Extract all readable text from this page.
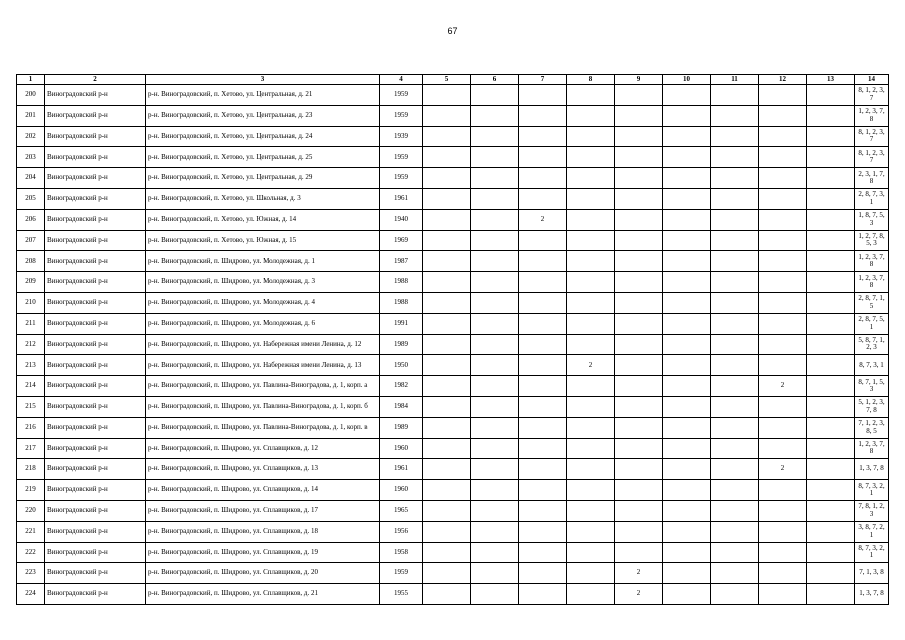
67
1	2	3	4	5	6	7	8	9	10	11	12	13	14
200	Виноградовский р-н	р-н. Виноградовский, п. Хетово, ул. Центральная, д. 21	1959										8, 1, 2, 3, 7
201	Виноградовский р-н	р-н. Виноградовский, п. Хетово, ул. Центральная, д. 23	1959										1, 2, 3, 7, 8
202	Виноградовский р-н	р-н. Виноградовский, п. Хетово, ул. Центральная, д. 24	1939										8, 1, 2, 3, 7
203	Виноградовский р-н	р-н. Виноградовский, п. Хетово, ул. Центральная, д. 25	1959										8, 1, 2, 3, 7
204	Виноградовский р-н	р-н. Виноградовский, п. Хетово, ул. Центральная, д. 29	1959										2, 3, 1, 7, 8
205	Виноградовский р-н	р-н. Виноградовский, п. Хетово, ул. Школьная, д. 3	1961										2, 8, 7, 3, 1
206	Виноградовский р-н	р-н. Виноградовский, п. Хетово, ул. Южная, д. 14	1940			2							1, 8, 7, 5, 3
207	Виноградовский р-н	р-н. Виноградовский, п. Хетово, ул. Южная, д. 15	1969										1, 2, 7, 8, 5, 3
208	Виноградовский р-н	р-н. Виноградовский, п. Шидрово, ул. Молодежная, д. 1	1987										1, 2, 3, 7, 8
209	Виноградовский р-н	р-н. Виноградовский, п. Шидрово, ул. Молодежная, д. 3	1988										1, 2, 3, 7, 8
210	Виноградовский р-н	р-н. Виноградовский, п. Шидрово, ул. Молодежная, д. 4	1988										2, 8, 7, 1, 5
211	Виноградовский р-н	р-н. Виноградовский, п. Шидрово, ул. Молодежная, д. 6	1991										2, 8, 7, 5, 1
212	Виноградовский р-н	р-н. Виноградовский, п. Шидрово, ул. Набережная имени Ленина, д. 12	1989										5, 8, 7, 1, 2, 3
213	Виноградовский р-н	р-н. Виноградовский, п. Шидрово, ул. Набережная имени Ленина, д. 13	1950				2						8, 7, 3, 1
214	Виноградовский р-н	р-н. Виноградовский, п. Шидрово, ул. Павлина-Виноградова, д. 1, корп. а	1982								2		8, 7, 1, 5, 3
215	Виноградовский р-н	р-н. Виноградовский, п. Шидрово, ул. Павлина-Виноградова, д. 1, корп. б	1984										5, 1, 2, 3, 7, 8
216	Виноградовский р-н	р-н. Виноградовский, п. Шидрово, ул. Павлина-Виноградова, д. 1, корп. в	1989										7, 1, 2, 3, 8, 5
217	Виноградовский р-н	р-н. Виноградовский, п. Шидрово, ул. Сплавщиков, д. 12	1960										1, 2, 3, 7, 8
218	Виноградовский р-н	р-н. Виноградовский, п. Шидрово, ул. Сплавщиков, д. 13	1961								2		1, 3, 7, 8
219	Виноградовский р-н	р-н. Виноградовский, п. Шидрово, ул. Сплавщиков, д. 14	1960										8, 7, 3, 2, 1
220	Виноградовский р-н	р-н. Виноградовский, п. Шидрово, ул. Сплавщиков, д. 17	1965										7, 8, 1, 2, 3
221	Виноградовский р-н	р-н. Виноградовский, п. Шидрово, ул. Сплавщиков, д. 18	1956										3, 8, 7, 2, 1
222	Виноградовский р-н	р-н. Виноградовский, п. Шидрово, ул. Сплавщиков, д. 19	1958										8, 7, 3, 2, 1
223	Виноградовский р-н	р-н. Виноградовский, п. Шидрово, ул. Сплавщиков, д. 20	1959					2					7, 1, 3, 8
224	Виноградовский р-н	р-н. Виноградовский, п. Шидрово, ул. Сплавщиков, д. 21	1955					2					1, 3, 7, 8
